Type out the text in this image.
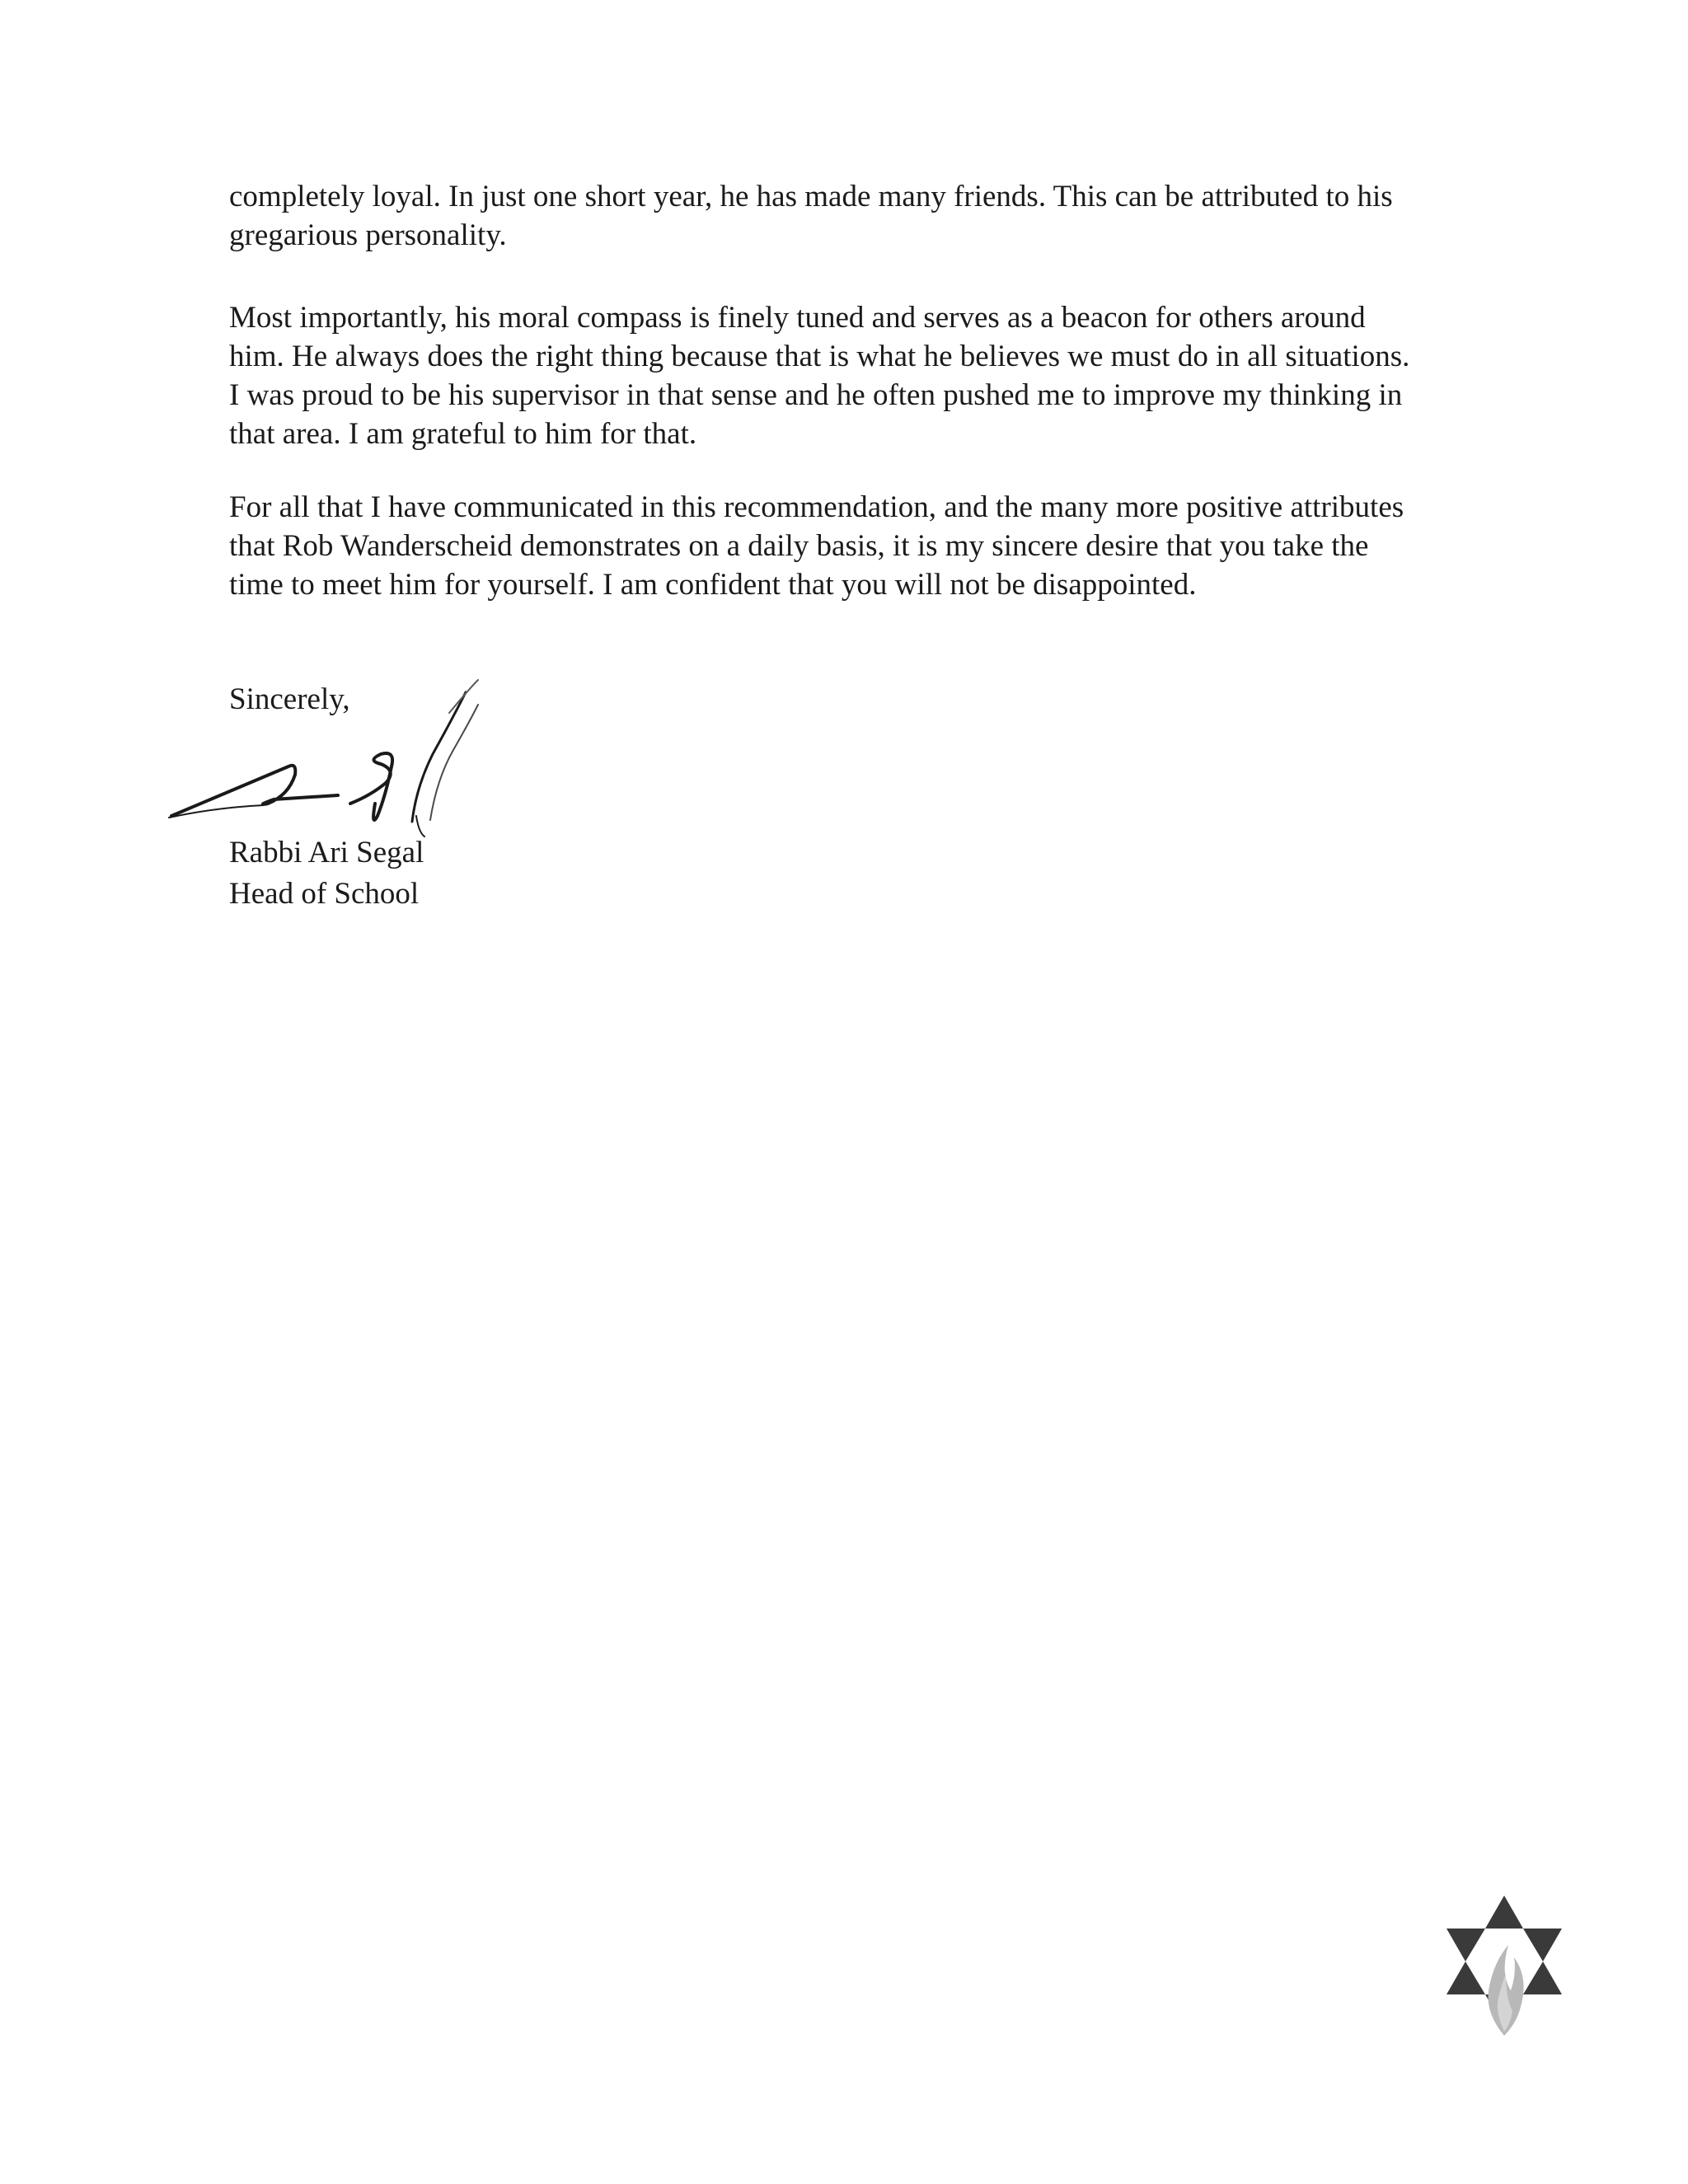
completely loyal. In just one short year, he has made many friends. This can be attributed to his gregarious personality.

Most importantly, his moral compass is finely tuned and serves as a beacon for others around him. He always does the right thing because that is what he believes we must do in all situations. I was proud to be his supervisor in that sense and he often pushed me to improve my thinking in that area. I am grateful to him for that.

For all that I have communicated in this recommendation, and the many more positive attributes that Rob Wanderscheid demonstrates on a daily basis, it is my sincere desire that you take the time to meet him for yourself. I am confident that you will not be disappointed.

Sincerely,

Rabbi Ari Segal
Head of School
